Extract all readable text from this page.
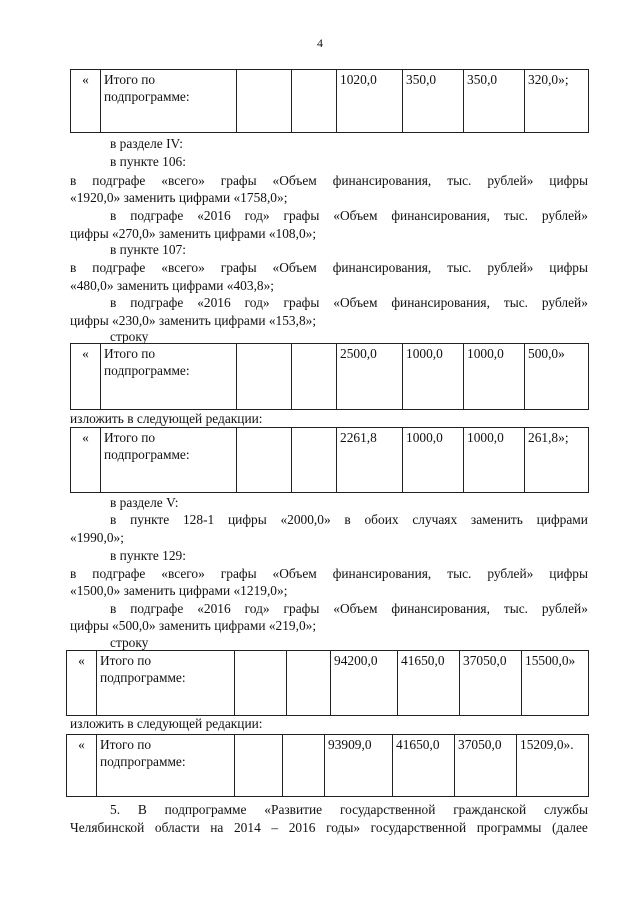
4
«	Итого по
подпрограмме:
			1020,0	350,0	350,0	320,0»;
в разделе IV:
в пункте 106:
в подграфе «всего» графы «Объем финансирования, тыс. рублей» цифры
«1920,0» заменить цифрами «1758,0»;
в подграфе «2016 год» графы «Объем финансирования, тыс. рублей»
цифры «270,0» заменить цифрами «108,0»;
в пункте 107:
в подграфе «всего» графы «Объем финансирования, тыс. рублей» цифры
«480,0» заменить цифрами «403,8»;
в подграфе «2016 год» графы «Объем финансирования, тыс. рублей»
цифры «230,0» заменить цифрами «153,8»;
строку
«	Итого по
подпрограмме:
			2500,0	1000,0	1000,0	500,0»
изложить в следующей редакции:
«	Итого по
подпрограмме:
			2261,8	1000,0	1000,0	261,8»;
в разделе V:
в пункте 128-1 цифры «2000,0» в обоих случаях заменить цифрами
«1990,0»;
в пункте 129:
в подграфе «всего» графы «Объем финансирования, тыс. рублей» цифры
«1500,0» заменить цифрами «1219,0»;
в подграфе «2016 год» графы «Объем финансирования, тыс. рублей»
цифры «500,0» заменить цифрами «219,0»;
строку
«	Итого по
подпрограмме:
			94200,0	41650,0	37050,0	15500,0»
изложить в следующей редакции:
«	Итого по
подпрограмме:
			93909,0	41650,0	37050,0	15209,0».
5. В подпрограмме «Развитие государственной гражданской службы
Челябинской области на 2014 – 2016 годы» государственной программы (далее
